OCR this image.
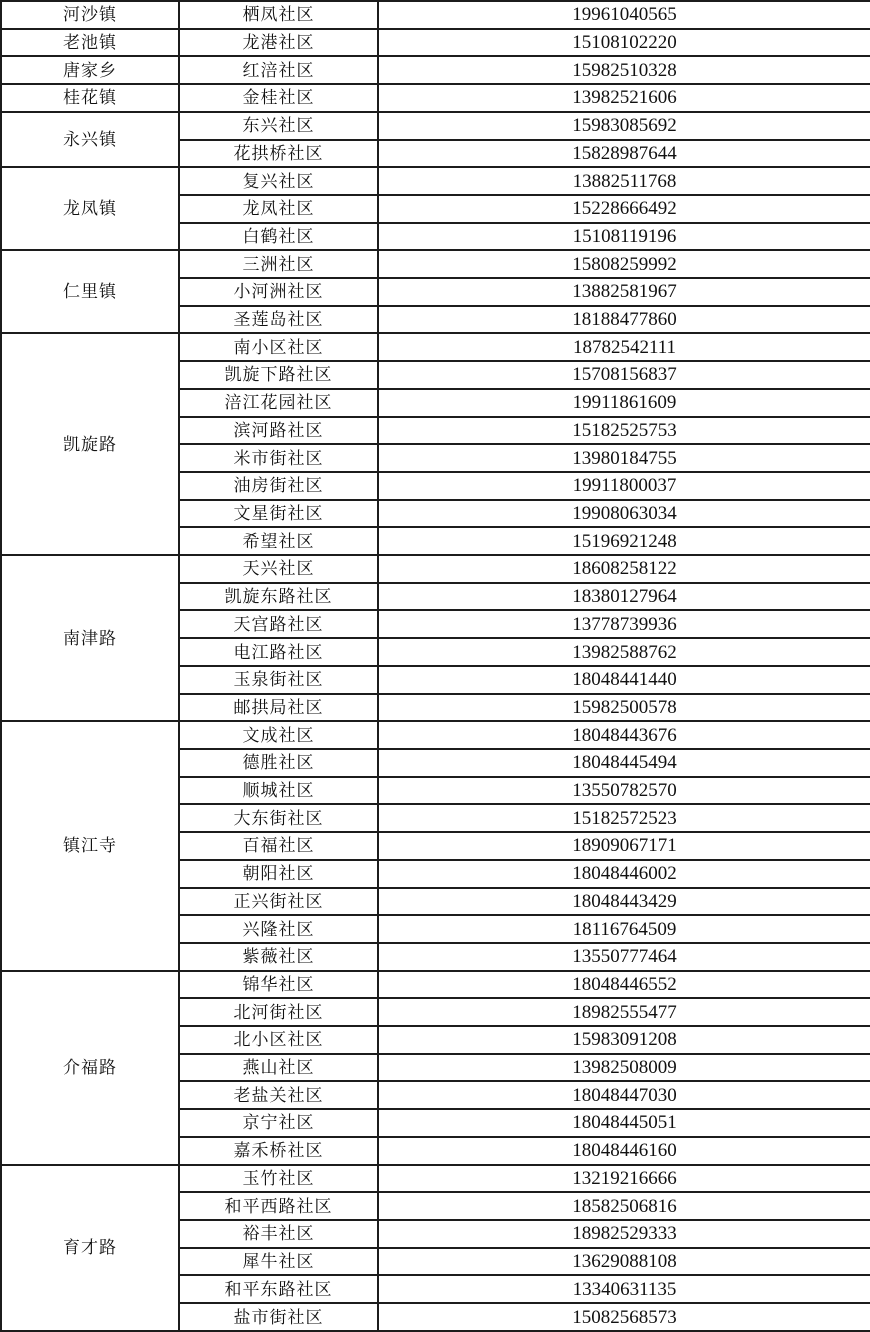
河沙镇	栖凤社区	19961040565
老池镇	龙港社区	15108102220
唐家乡	红涪社区	15982510328
桂花镇	金桂社区	13982521606
永兴镇	东兴社区	15983085692
	花拱桥社区	15828987644
龙凤镇	复兴社区	13882511768
	龙凤社区	15228666492
	白鹤社区	15108119196
仁里镇	三洲社区	15808259992
	小河洲社区	13882581967
	圣莲岛社区	18188477860
凯旋路	南小区社区	18782542111
	凯旋下路社区	15708156837
	涪江花园社区	19911861609
	滨河路社区	15182525753
	米市街社区	13980184755
	油房街社区	19911800037
	文星街社区	19908063034
	希望社区	15196921248
南津路	天兴社区	18608258122
	凯旋东路社区	18380127964
	天宫路社区	13778739936
	电江路社区	13982588762
	玉泉街社区	18048441440
	邮拱局社区	15982500578
镇江寺	文成社区	18048443676
	德胜社区	18048445494
	顺城社区	13550782570
	大东街社区	15182572523
	百福社区	18909067171
	朝阳社区	18048446002
	正兴街社区	18048443429
	兴隆社区	18116764509
	紫薇社区	13550777464
介福路	锦华社区	18048446552
	北河街社区	18982555477
	北小区社区	15983091208
	燕山社区	13982508009
	老盐关社区	18048447030
	京宁社区	18048445051
	嘉禾桥社区	18048446160
育才路	玉竹社区	13219216666
	和平西路社区	18582506816
	裕丰社区	18982529333
	犀牛社区	13629088108
	和平东路社区	13340631135
	盐市街社区	15082568573
